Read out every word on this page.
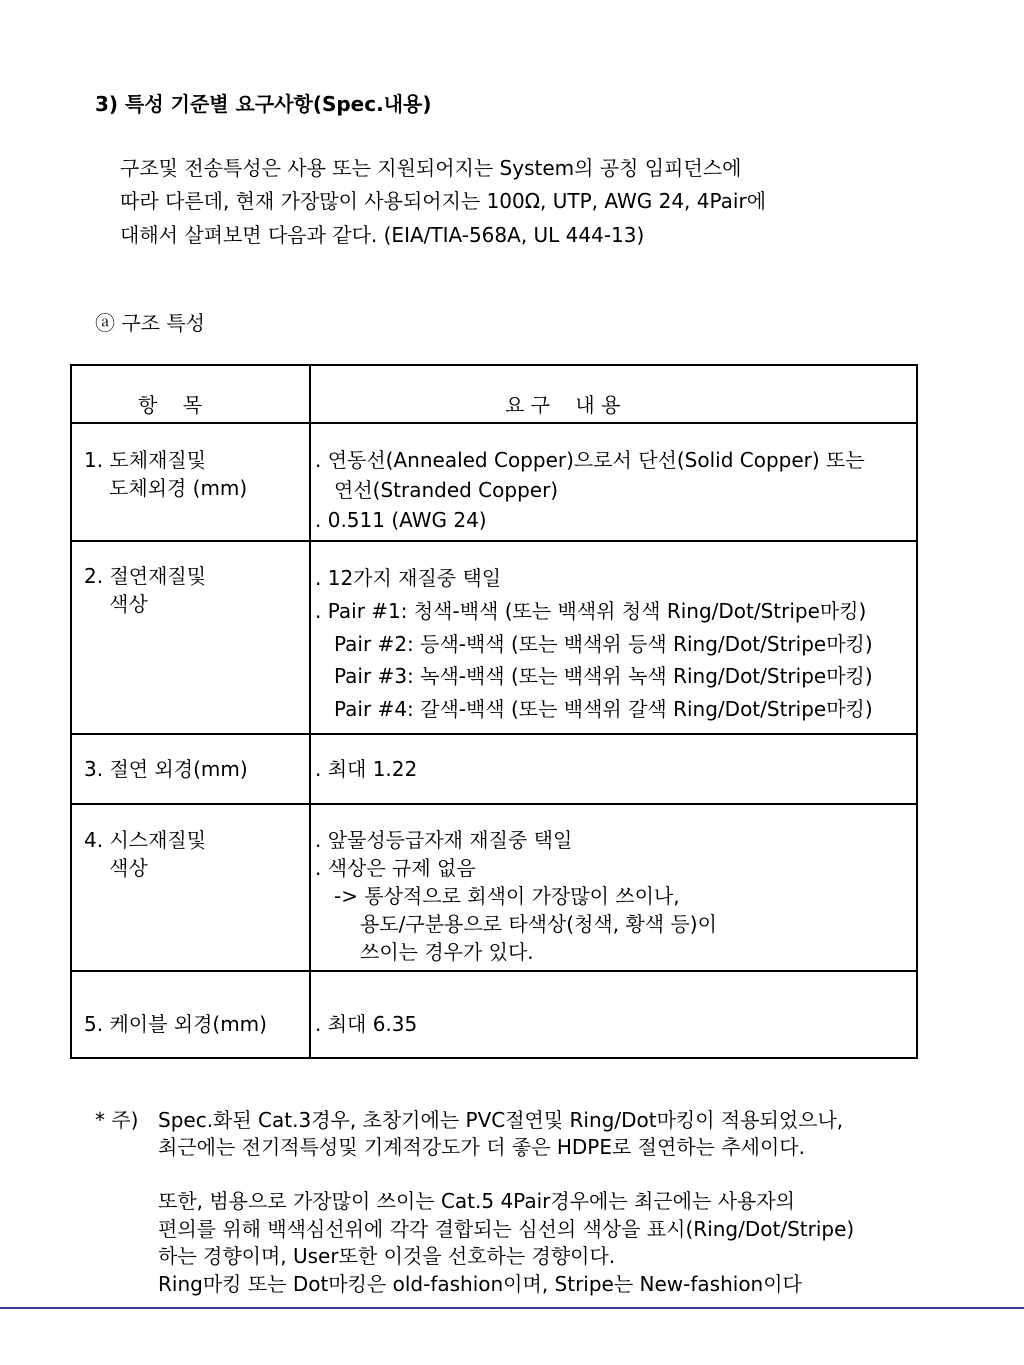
3) 특성 기준별 요구사항(Spec.내용)
구조및 전송특성은 사용 또는 지원되어지는 System의 공칭 임피던스에
따라 다른데, 현재 가장많이 사용되어지는 100Ω, UTP, AWG 24, 4Pair에
대해서 살펴보면 다음과 같다. (EIA/TIA-568A, UL 444-13)
ⓐ 구조 특성
항    목	요 구    내 용
1. 도체재질및
도체외경 (mm)
. 연동선(Annealed Copper)으로서 단선(Solid Copper) 또는
연선(Stranded Copper)
. 0.511 (AWG 24)
2. 절연재질및
색상
. 12가지 재질중 택일
. Pair #1: 청색-백색 (또는 백색위 청색 Ring/Dot/Stripe마킹)
Pair #2: 등색-백색 (또는 백색위 등색 Ring/Dot/Stripe마킹)
Pair #3: 녹색-백색 (또는 백색위 녹색 Ring/Dot/Stripe마킹)
Pair #4: 갈색-백색 (또는 백색위 갈색 Ring/Dot/Stripe마킹)
3. 절연 외경(mm)	. 최대 1.22
4. 시스재질및
색상
. 앞물성등급자재 재질중 택일
. 색상은 규제 없음
-> 통상적으로 회색이 가장많이 쓰이나,
용도/구분용으로 타색상(청색, 황색 등)이
쓰이는 경우가 있다.
5. 케이블 외경(mm) . 최대 6.35
* 주) Spec.화된 Cat.3경우, 초창기에는 PVC절연및 Ring/Dot마킹이 적용되었으나,
최근에는 전기적특성및 기계적강도가 더 좋은 HDPE로 절연하는 추세이다.
또한, 범용으로 가장많이 쓰이는 Cat.5 4Pair경우에는 최근에는 사용자의
편의를 위해 백색심선위에 각각 결합되는 심선의 색상을 표시(Ring/Dot/Stripe)
하는 경향이며, User또한 이것을 선호하는 경향이다.
Ring마킹 또는 Dot마킹은 old-fashion이며, Stripe는 New-fashion이다
